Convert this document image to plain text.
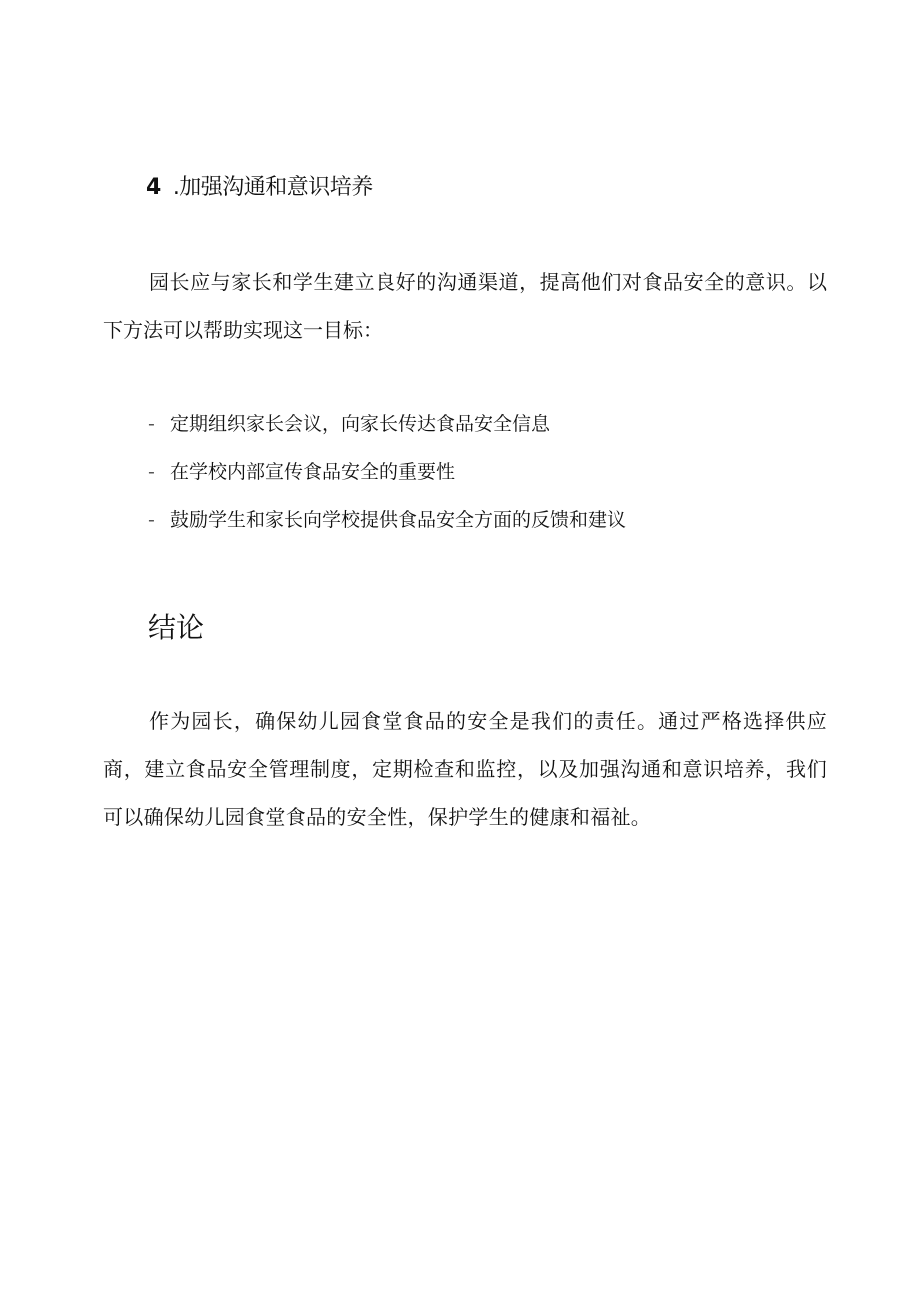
4 .加强沟通和意识培养

园长应与家长和学生建立良好的沟通渠道，提高他们对食品安全的意识。以下方法可以帮助实现这一目标：

- 定期组织家长会议，向家长传达食品安全信息
- 在学校内部宣传食品安全的重要性
- 鼓励学生和家长向学校提供食品安全方面的反馈和建议
结论

作为园长，确保幼儿园食堂食品的安全是我们的责任。通过严格选择供应商，建立食品安全管理制度，定期检查和监控，以及加强沟通和意识培养，我们可以确保幼儿园食堂食品的安全性，保护学生的健康和福祉。
